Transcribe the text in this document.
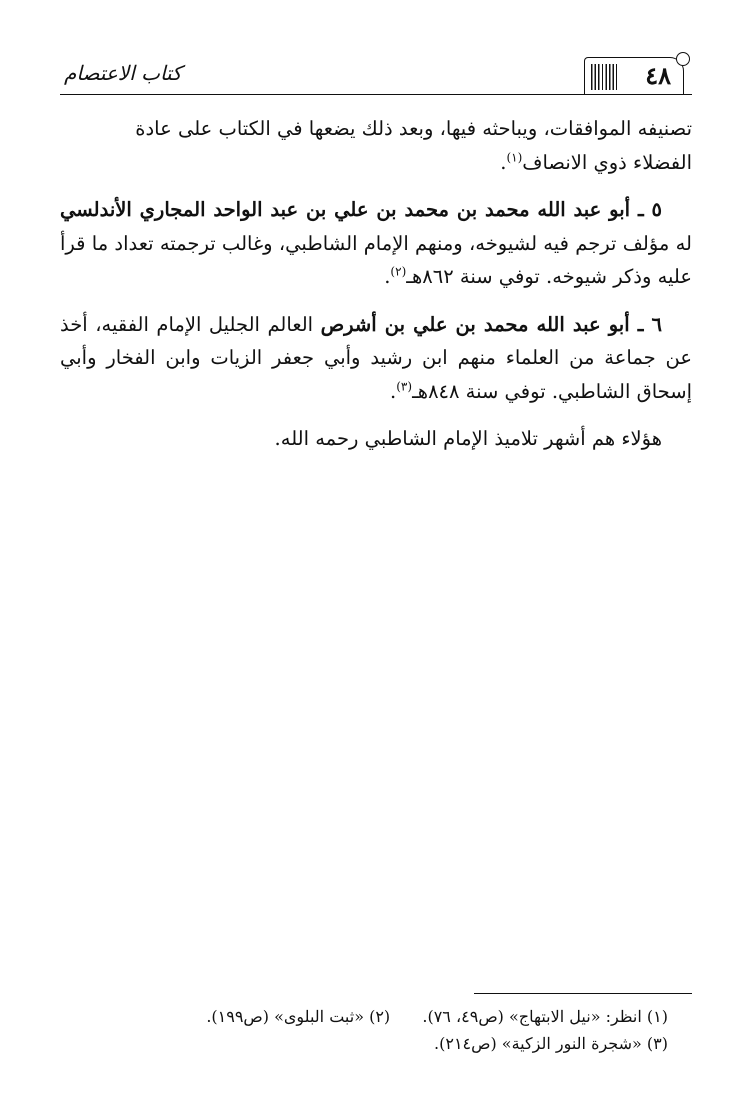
كتاب الاعتصام	٤٨

تصنيفه الموافقات، ويباحثه فيها، وبعد ذلك يضعها في الكتاب على عادة
الفضلاء ذوي الانصاف$^{(١)}$.

٥ ـ أبو عبد الله محمد بن محمد بن علي بن عبد الواحد المجاري الأندلسي له مؤلف ترجم فيه لشيوخه، ومنهم الإمام الشاطبي، وغالب ترجمته تعداد ما قرأ عليه وذكر شيوخه. توفي سنة ٨٦٢هـ$^{(٢)}$.

٦ ـ أبو عبد الله محمد بن علي بن أشرص العالم الجليل الإمام الفقيه، أخذ عن جماعة من العلماء منهم ابن رشيد وأبي جعفر الزيات وابن الفخار وأبي إسحاق الشاطبي. توفي سنة ٨٤٨هـ$^{(٣)}$.

هؤلاء هم أشهر تلاميذ الإمام الشاطبي رحمه الله.

(١) انظر: «نيل الابتهاج» (ص٤٩، ٧٦).  (٢) «ثبت البلوى» (ص١٩٩).
(٣) «شجرة النور الزكية» (ص٢١٤).
